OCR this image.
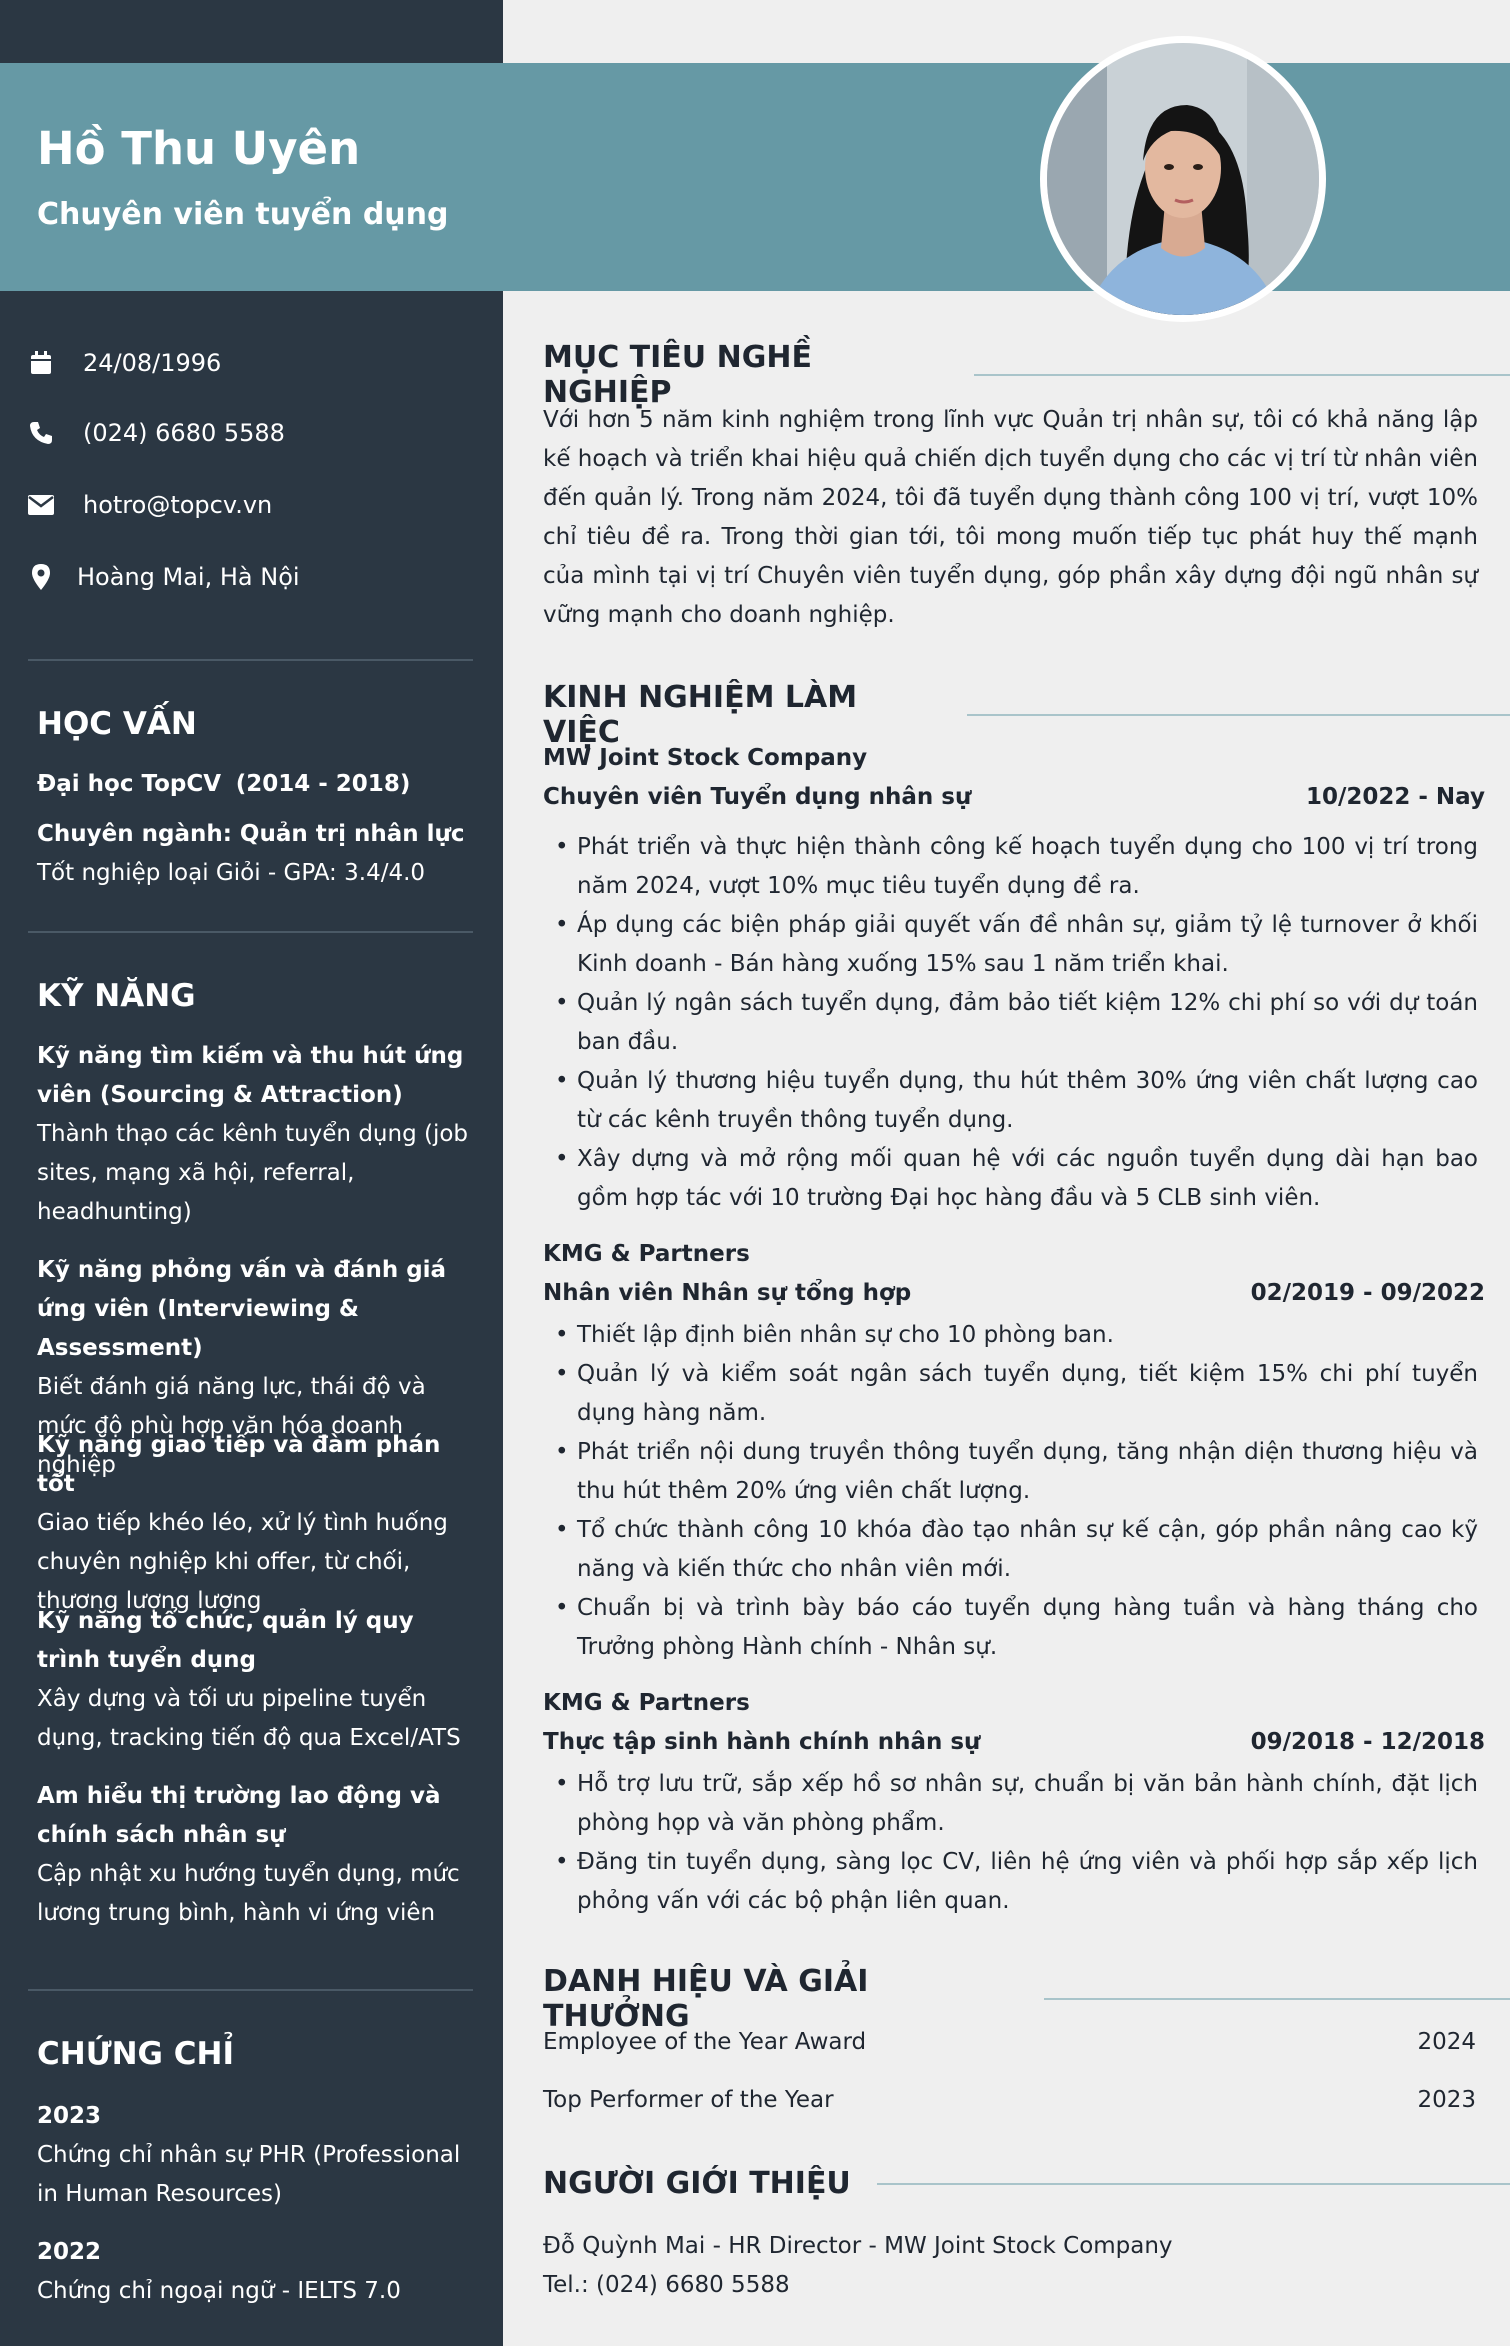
Hồ Thu Uyên
Chuyên viên tuyển dụng
24/08/1996
(024) 6680 5588
hotro@topcv.vn
Hoàng Mai, Hà Nội
HỌC VẤN
Đại học TopCV (2014 - 2018)
Chuyên ngành: Quản trị nhân lực
Tốt nghiệp loại Giỏi - GPA: 3.4/4.0
KỸ NĂNG
Kỹ năng tìm kiếm và thu hút ứng viên (Sourcing & Attraction)
Thành thạo các kênh tuyển dụng (job sites, mạng xã hội, referral, headhunting)
Kỹ năng phỏng vấn và đánh giá ứng viên (Interviewing & Assessment)
Biết đánh giá năng lực, thái độ và mức độ phù hợp văn hóa doanh nghiệp
Kỹ năng giao tiếp và đàm phán tốt
Giao tiếp khéo léo, xử lý tình huống chuyên nghiệp khi offer, từ chối, thương lượng lương
Kỹ năng tổ chức, quản lý quy trình tuyển dụng
Xây dựng và tối ưu pipeline tuyển dụng, tracking tiến độ qua Excel/ATS
Am hiểu thị trường lao động và chính sách nhân sự
Cập nhật xu hướng tuyển dụng, mức lương trung bình, hành vi ứng viên
CHỨNG CHỈ
2023
Chứng chỉ nhân sự PHR (Professional in Human Resources)
2022
Chứng chỉ ngoại ngữ - IELTS 7.0
MỤC TIÊU NGHỀ NGHIỆP
Với hơn 5 năm kinh nghiệm trong lĩnh vực Quản trị nhân sự, tôi có khả năng lập kế hoạch và triển khai hiệu quả chiến dịch tuyển dụng cho các vị trí từ nhân viên đến quản lý. Trong năm 2024, tôi đã tuyển dụng thành công 100 vị trí, vượt 10% chỉ tiêu đề ra. Trong thời gian tới, tôi mong muốn tiếp tục phát huy thế mạnh của mình tại vị trí Chuyên viên tuyển dụng, góp phần xây dựng đội ngũ nhân sự vững mạnh cho doanh nghiệp.
KINH NGHIỆM LÀM VIỆC
MW Joint Stock Company
Chuyên viên Tuyển dụng nhân sự	10/2022 - Nay
• Phát triển và thực hiện thành công kế hoạch tuyển dụng cho 100 vị trí trong năm 2024, vượt 10% mục tiêu tuyển dụng đề ra.
• Áp dụng các biện pháp giải quyết vấn đề nhân sự, giảm tỷ lệ turnover ở khối Kinh doanh - Bán hàng xuống 15% sau 1 năm triển khai.
• Quản lý ngân sách tuyển dụng, đảm bảo tiết kiệm 12% chi phí so với dự toán ban đầu.
• Quản lý thương hiệu tuyển dụng, thu hút thêm 30% ứng viên chất lượng cao từ các kênh truyền thông tuyển dụng.
• Xây dựng và mở rộng mối quan hệ với các nguồn tuyển dụng dài hạn bao gồm hợp tác với 10 trường Đại học hàng đầu và 5 CLB sinh viên.
KMG & Partners
Nhân viên Nhân sự tổng hợp	02/2019 - 09/2022
• Thiết lập định biên nhân sự cho 10 phòng ban.
• Quản lý và kiểm soát ngân sách tuyển dụng, tiết kiệm 15% chi phí tuyển dụng hàng năm.
• Phát triển nội dung truyền thông tuyển dụng, tăng nhận diện thương hiệu và thu hút thêm 20% ứng viên chất lượng.
• Tổ chức thành công 10 khóa đào tạo nhân sự kế cận, góp phần nâng cao kỹ năng và kiến thức cho nhân viên mới.
• Chuẩn bị và trình bày báo cáo tuyển dụng hàng tuần và hàng tháng cho Trưởng phòng Hành chính - Nhân sự.
KMG & Partners
Thực tập sinh hành chính nhân sự	09/2018 - 12/2018
• Hỗ trợ lưu trữ, sắp xếp hồ sơ nhân sự, chuẩn bị văn bản hành chính, đặt lịch phòng họp và văn phòng phẩm.
• Đăng tin tuyển dụng, sàng lọc CV, liên hệ ứng viên và phối hợp sắp xếp lịch phỏng vấn với các bộ phận liên quan.
DANH HIỆU VÀ GIẢI THƯỞNG
Employee of the Year Award	2024
Top Performer of the Year	2023
NGƯỜI GIỚI THIỆU
Đỗ Quỳnh Mai - HR Director - MW Joint Stock Company
Tel.: (024) 6680 5588
